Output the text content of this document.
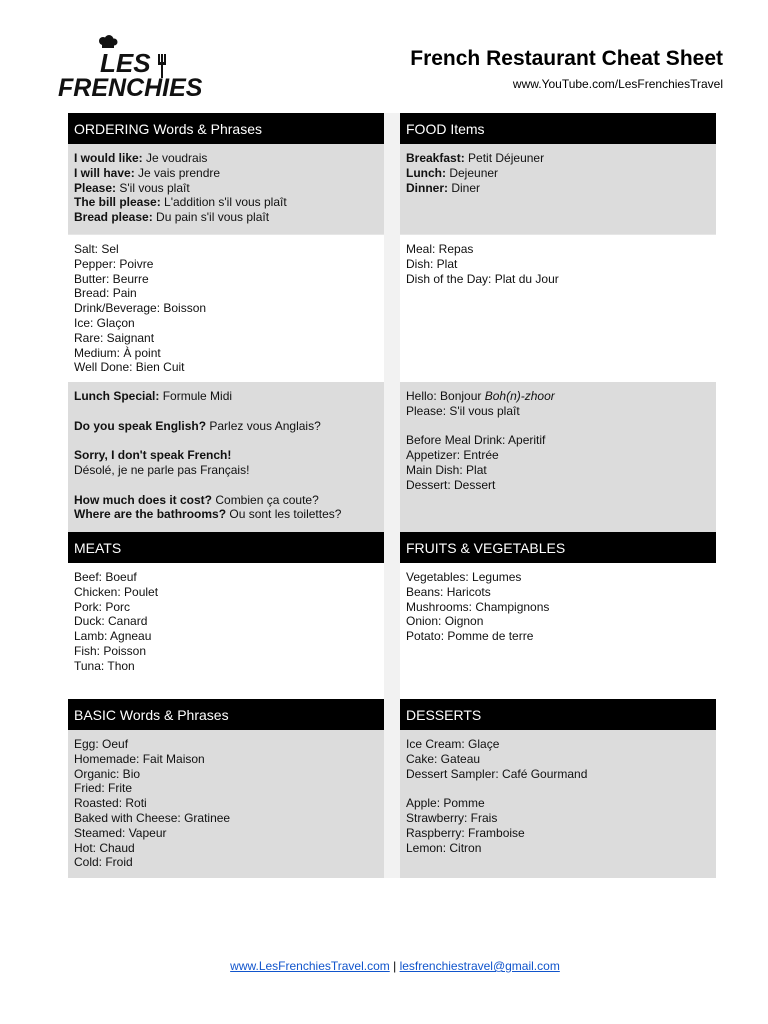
LES
FRENCHIES
French Restaurant Cheat Sheet
www.YouTube.com/LesFrenchiesTravel
ORDERING Words & Phrases
I would like: Je voudrais
I will have: Je vais prendre
Please: S'il vous plaît
The bill please: L'addition s'il vous plaît
Bread please: Du pain s'il vous plaît
Salt: Sel
Pepper: Poivre
Butter: Beurre
Bread: Pain
Drink/Beverage: Boisson
Ice: Glaçon
Rare: Saignant
Medium: À point
Well Done: Bien Cuit
Lunch Special: Formule Midi
Do you speak English? Parlez vous Anglais?
Sorry, I don't speak French!
Désolé, je ne parle pas Français!
How much does it cost? Combien ça coute?
Where are the bathrooms? Ou sont les toilettes?
MEATS
Beef: Boeuf
Chicken: Poulet
Pork: Porc
Duck: Canard
Lamb: Agneau
Fish: Poisson
Tuna: Thon
BASIC Words & Phrases
Egg: Oeuf
Homemade: Fait Maison
Organic: Bio
Fried: Frite
Roasted: Roti
Baked with Cheese: Gratinee
Steamed: Vapeur
Hot: Chaud
Cold: Froid
FOOD Items
Breakfast: Petit Déjeuner
Lunch: Dejeuner
Dinner: Diner
Meal: Repas
Dish: Plat
Dish of the Day: Plat du Jour
Hello: Bonjour Boh(n)-zhoor
Please: S'il vous plaît
Before Meal Drink: Aperitif
Appetizer: Entrée
Main Dish: Plat
Dessert: Dessert
FRUITS & VEGETABLES
Vegetables: Legumes
Beans: Haricots
Mushrooms: Champignons
Onion: Oignon
Potato: Pomme de terre
DESSERTS
Ice Cream: Glaçe
Cake: Gateau
Dessert Sampler: Café Gourmand
Apple: Pomme
Strawberry: Frais
Raspberry: Framboise
Lemon: Citron
www.LesFrenchiesTravel.com | lesfrenchiestravel@gmail.com
